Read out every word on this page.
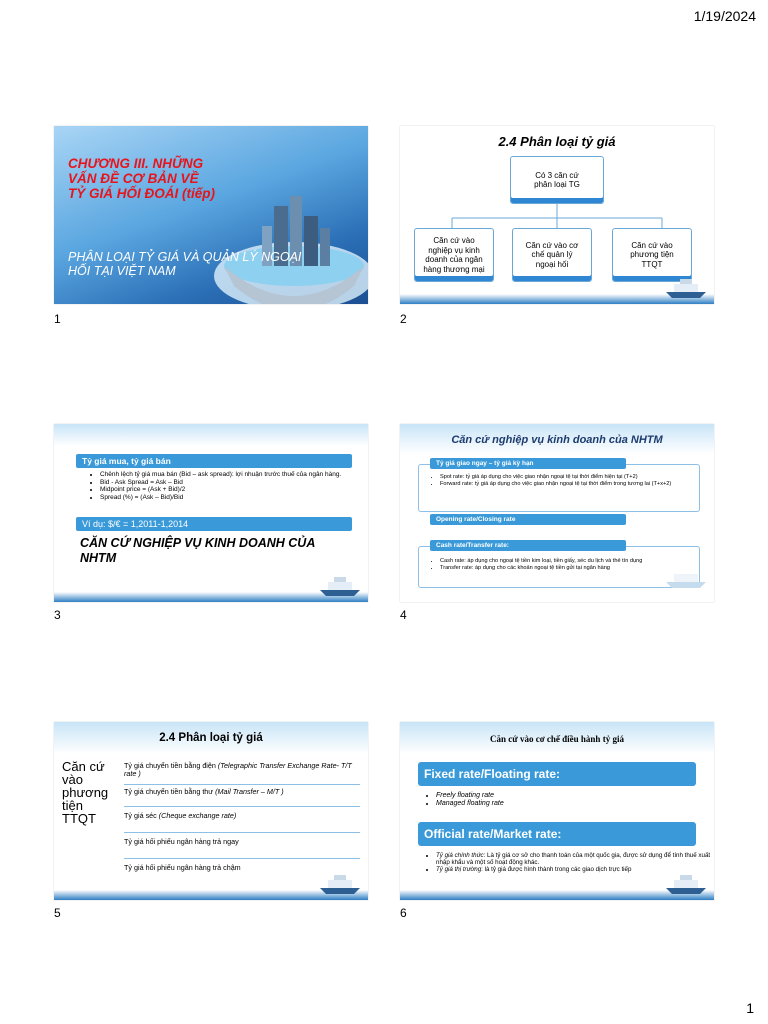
1/19/2024
CHƯƠNG III. NHỮNG
VẤN ĐỀ CƠ BẢN VỀ
TỶ GIÁ HỐI ĐOÁI (tiếp)
PHÂN LOẠI TỶ GIÁ VÀ QUẢN LÝ NGOẠI
HỐI TẠI VIỆT NAM
1
2.4 Phân loại tỷ giá
Có 3 căn cứ
phân loại TG
Căn cứ vào
nghiệp vụ kinh
doanh của ngân
hàng thương mại
Căn cứ vào cơ
chế quản lý
ngoại hối
Căn cứ vào
phương tiện
TTQT
2
Tỷ giá mua, tỷ giá bán
• Chênh lệch tỷ giá mua bán (Bid – ask spread): lợi nhuận trước thuế của ngân hàng.
• Bid - Ask Spread = Ask – Bid
• Midpoint price = (Ask + Bid)/2
• Spread (%) = (Ask – Bid)/Bid
Ví dụ: $/€ = 1,2011-1,2014
CĂN CỨ NGHIỆP VỤ KINH DOANH CỦA
NHTM
3
Căn cứ nghiệp vụ kinh doanh của NHTM
Tỷ giá giao ngay – tỷ giá kỳ hạn
• Spot rate: tỷ giá áp dụng cho việc giao nhận ngoại tệ tại thời điểm hiện tại (T+2)
• Forward rate: tỷ giá áp dụng cho việc giao nhận ngoại tệ tại thời điểm trong tương lai (T+x+2)
Opening rate/Closing rate
Cash rate/Transfer rate:
• Cash rate: áp dụng cho ngoại tệ tiền kim loại, tiền giấy, séc du lịch và thẻ tín dụng
• Transfer rate: áp dụng cho các khoản ngoại tệ tiền gửi tại ngân hàng
4
2.4 Phân loại tỷ giá
Căn cứ
vào
phương
tiện
TTQT
Tỷ giá chuyển tiền bằng điện (Telegraphic Transfer Exchange Rate- T/T rate )
Tỷ giá chuyển tiền bằng thư (Mail Transfer – M/T )
Tỷ giá séc (Cheque exchange rate)
Tỷ giá hối phiếu ngân hàng trả ngay
Tỷ giá hối phiếu ngân hàng trả chậm
5
Căn cứ vào cơ chế điều hành tỷ giá
Fixed rate/Floating rate:
• Freely floating rate
• Managed floating rate
Official rate/Market rate:
• Tỷ giá chính thức: Là tỷ giá cơ sở cho thanh toán của một quốc gia, được sử dụng để tính thuế xuất nhập khẩu và một số hoạt động khác.
• Tỷ giá thị trường: là tỷ giá được hình thành trong các giao dịch trực tiếp
6
1
